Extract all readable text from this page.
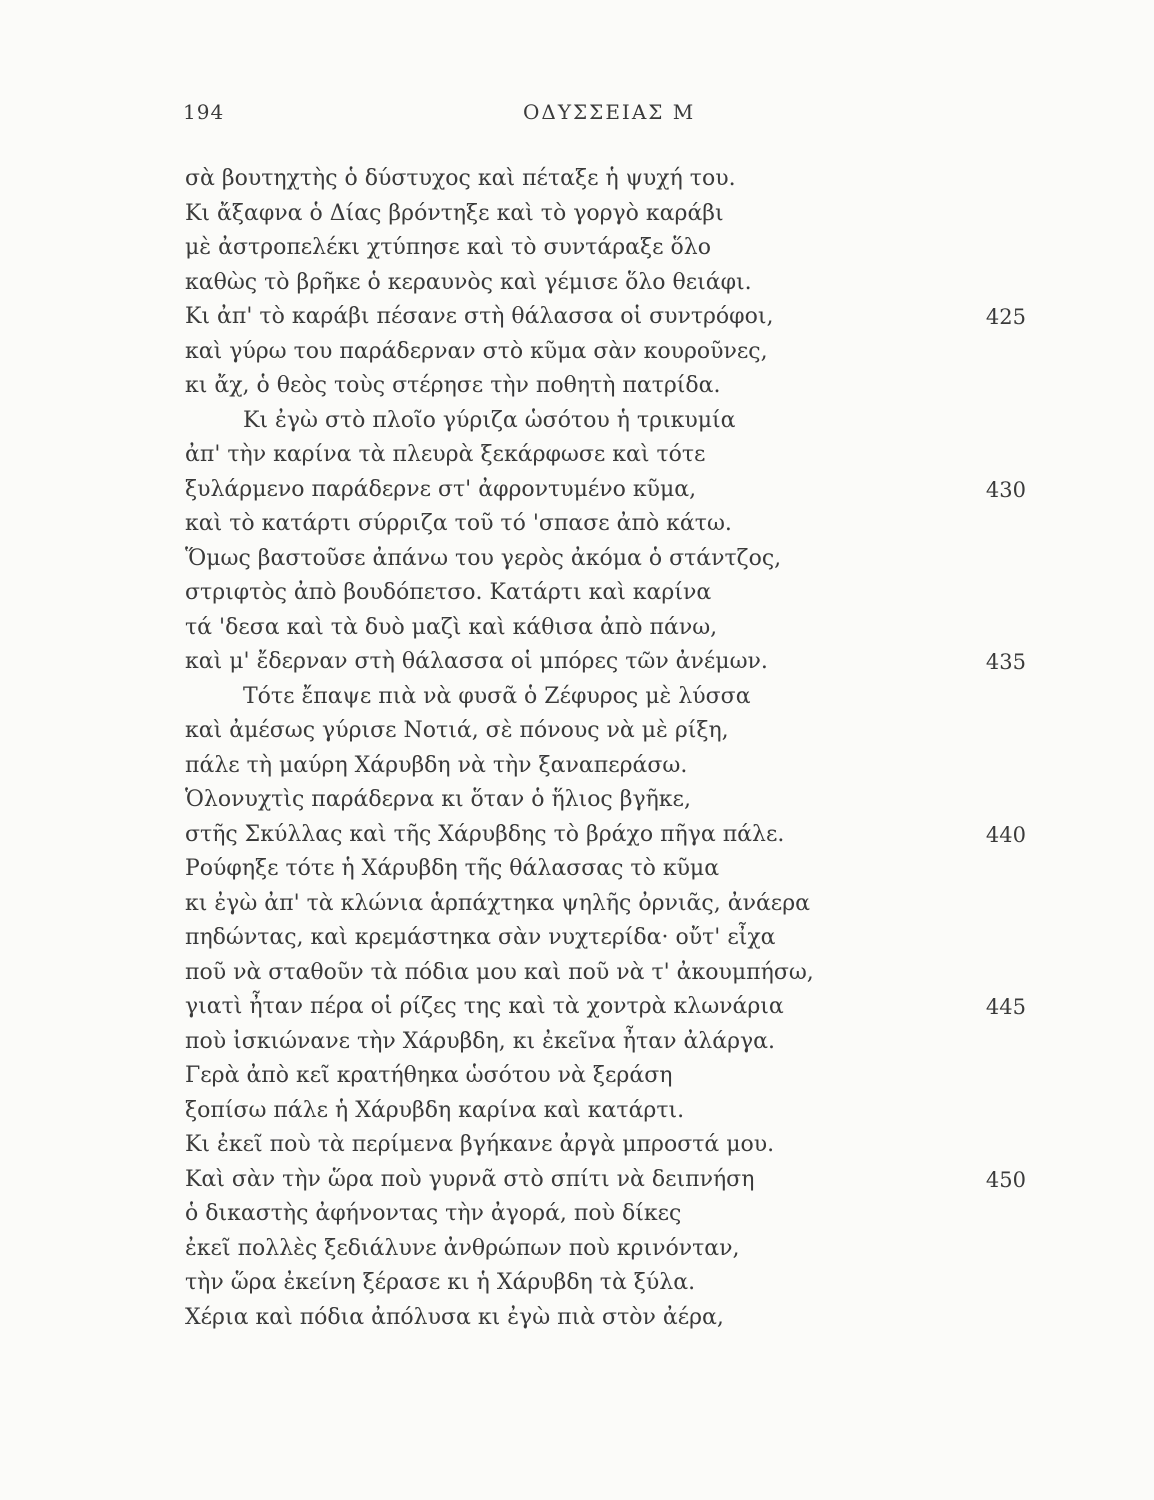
194	ΟΔΥΣΣΕΙΑΣ Μ
σὰ βουτηχτὴς ὁ δύστυχος καὶ πέταξε ἡ ψυχή του.
Κι ἄξαφνα ὁ Δίας βρόντηξε καὶ τὸ γοργὸ καράβι
μὲ ἀστροπελέκι χτύπησε καὶ τὸ συντάραξε ὅλο
καθὼς τὸ βρῆκε ὁ κεραυνὸς καὶ γέμισε ὅλο θειάφι.
Κι ἀπ' τὸ καράβι πέσανε στὴ θάλασσα οἱ συντρόφοι,	425
καὶ γύρω του παράδερναν στὸ κῦμα σὰν κουροῦνες,
κι ἄχ, ὁ θεὸς τοὺς στέρησε τὴν ποθητὴ πατρίδα.
Κι ἐγὼ στὸ πλοῖο γύριζα ὡσότου ἡ τρικυμία
ἀπ' τὴν καρίνα τὰ πλευρὰ ξεκάρφωσε καὶ τότε
ξυλάρμενο παράδερνε στ' ἀφροντυμένο κῦμα,	430
καὶ τὸ κατάρτι σύρριζα τοῦ τό 'σπασε ἀπὸ κάτω.
Ὅμως βαστοῦσε ἀπάνω του γερὸς ἀκόμα ὁ στάντζος,
στριφτὸς ἀπὸ βουδόπετσο. Κατάρτι καὶ καρίνα
τά 'δεσα καὶ τὰ δυὸ μαζὶ καὶ κάθισα ἀπὸ πάνω,
καὶ μ' ἔδερναν στὴ θάλασσα οἱ μπόρες τῶν ἀνέμων.	435
Τότε ἔπαψε πιὰ νὰ φυσᾶ ὁ Ζέφυρος μὲ λύσσα
καὶ ἀμέσως γύρισε Νοτιά, σὲ πόνους νὰ μὲ ρίξη,
πάλε τὴ μαύρη Χάρυβδη νὰ τὴν ξαναπεράσω.
Ὁλονυχτὶς παράδερνα κι ὅταν ὁ ἥλιος βγῆκε,
στῆς Σκύλλας καὶ τῆς Χάρυβδης τὸ βράχο πῆγα πάλε.	440
Ρούφηξε τότε ἡ Χάρυβδη τῆς θάλασσας τὸ κῦμα
κι ἐγὼ ἀπ' τὰ κλώνια ἁρπάχτηκα ψηλῆς ὀρνιᾶς, ἀνάερα
πηδώντας, καὶ κρεμάστηκα σὰν νυχτερίδα· οὔτ' εἶχα
ποῦ νὰ σταθοῦν τὰ πόδια μου καὶ ποῦ νὰ τ' ἀκουμπήσω,
γιατὶ ἦταν πέρα οἱ ρίζες της καὶ τὰ χοντρὰ κλωνάρια	445
ποὺ ἰσκιώνανε τὴν Χάρυβδη, κι ἐκεῖνα ἦταν ἀλάργα.
Γερὰ ἀπὸ κεῖ κρατήθηκα ὡσότου νὰ ξεράση
ξοπίσω πάλε ἡ Χάρυβδη καρίνα καὶ κατάρτι.
Κι ἐκεῖ ποὺ τὰ περίμενα βγήκανε ἀργὰ μπροστά μου.
Καὶ σὰν τὴν ὥρα ποὺ γυρνᾶ στὸ σπίτι νὰ δειπνήση	450
ὁ δικαστὴς ἀφήνοντας τὴν ἀγορά, ποὺ δίκες
ἐκεῖ πολλὲς ξεδιάλυνε ἀνθρώπων ποὺ κρινόνταν,
τὴν ὥρα ἐκείνη ξέρασε κι ἡ Χάρυβδη τὰ ξύλα.
Χέρια καὶ πόδια ἀπόλυσα κι ἐγὼ πιὰ στὸν ἀέρα,
